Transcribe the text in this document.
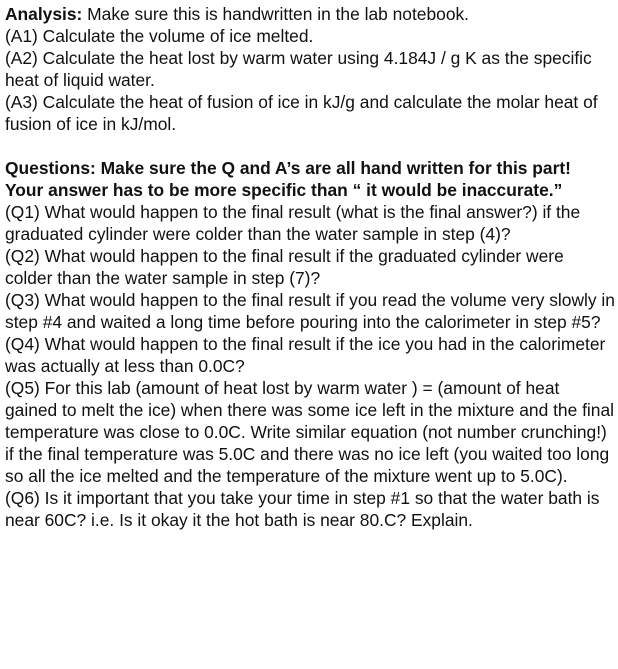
Analysis: Make sure this is handwritten in the lab notebook.

(A1) Calculate the volume of ice melted.

(A2) Calculate the heat lost by warm water using 4.184J / g K as the specific heat of liquid water.

(A3) Calculate the heat of fusion of ice in kJ/g and calculate the molar heat of fusion of ice in kJ/mol.

Questions: Make sure the Q and A’s are all hand written for this part!

Your answer has to be more specific than “ it would be inaccurate.”

(Q1) What would happen to the final result (what is the final answer?) if the graduated cylinder were colder than the water sample in step (4)?

(Q2) What would happen to the final result if the graduated cylinder were colder than the water sample in step (7)?

(Q3) What would happen to the final result if you read the volume very slowly in step #4 and waited a long time before pouring into the calorimeter in step #5?

(Q4) What would happen to the final result if the ice you had in the calorimeter was actually at less than 0.0C?

(Q5) For this lab (amount of heat lost by warm water ) = (amount of heat gained to melt the ice) when there was some ice left in the mixture and the final temperature was close to 0.0C. Write similar equation (not number crunching!) if the final temperature was 5.0C and there was no ice left (you waited too long so all the ice melted and the temperature of the mixture went up to 5.0C).

(Q6) Is it important that you take your time in step #1 so that the water bath is near 60C? i.e. Is it okay it the hot bath is near 80.C? Explain.
